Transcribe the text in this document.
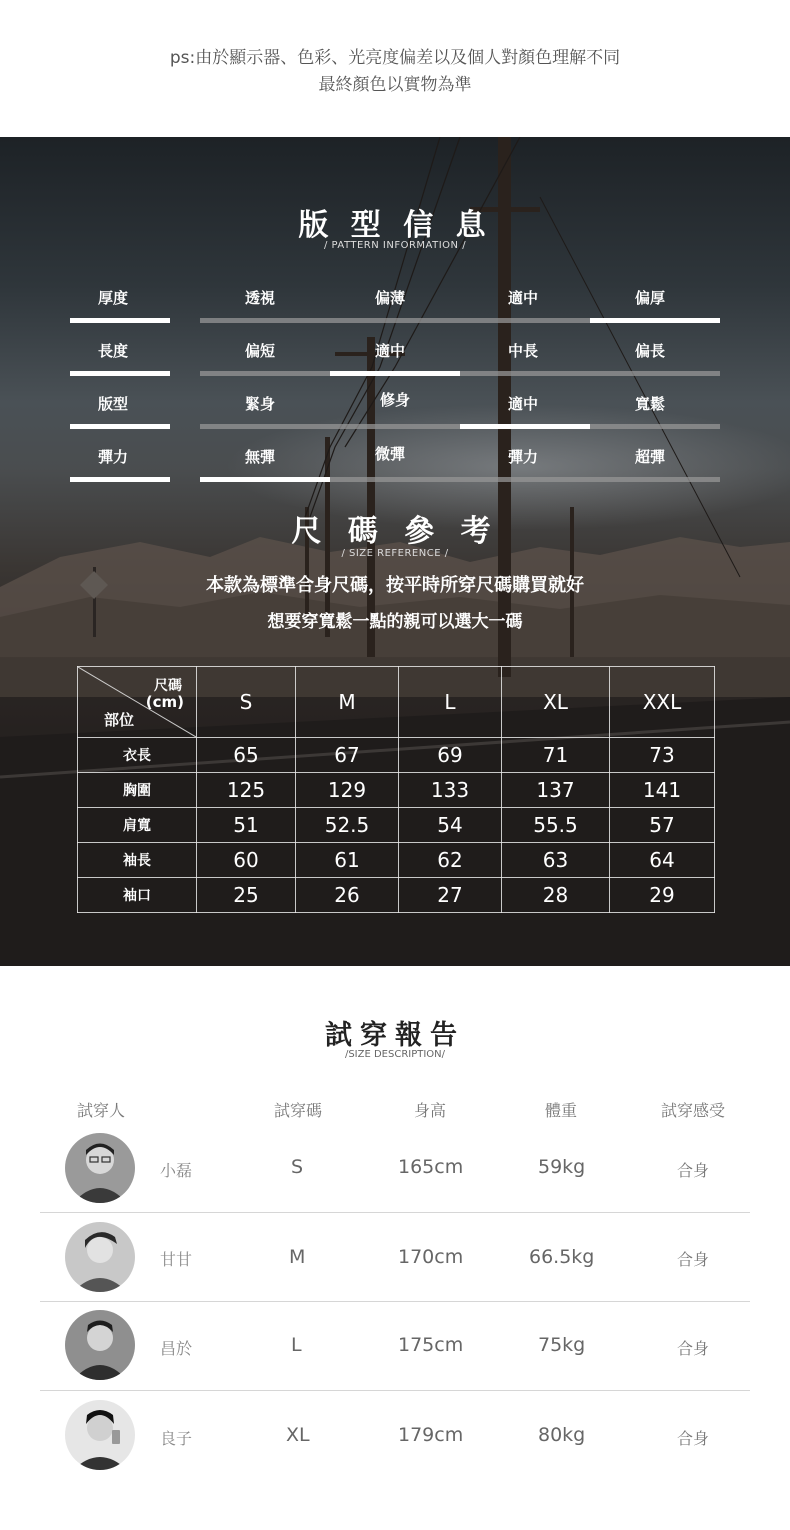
ps:由於顯示器、色彩、光亮度偏差以及個人對顏色理解不同
最終顏色以實物為準
版 型 信 息
/ PATTERN INFORMATION /
厚度	透視	偏薄	適中	偏厚
長度	偏短	適中	中長	偏長
版型	緊身	修身	適中	寬鬆
彈力	無彈	微彈	彈力	超彈
尺 碼 參 考
/ SIZE REFERENCE /
本款為標準合身尺碼，按平時所穿尺碼購買就好
想要穿寬鬆一點的親可以選大一碼
尺碼
(cm)
部位	S	M	L	XL	XXL
衣長	65	67	69	71	73
胸圍	125	129	133	137	141
肩寬	51	52.5	54	55.5	57
袖長	60	61	62	63	64
袖口	25	26	27	28	29
試穿報告
/SIZE DESCRIPTION/
試穿人	試穿碼	身高	體重	試穿感受
小磊	S	165cm	59kg	合身
甘甘	M	170cm	66.5kg	合身
昌於	L	175cm	75kg	合身
良子	XL	179cm	80kg	合身
